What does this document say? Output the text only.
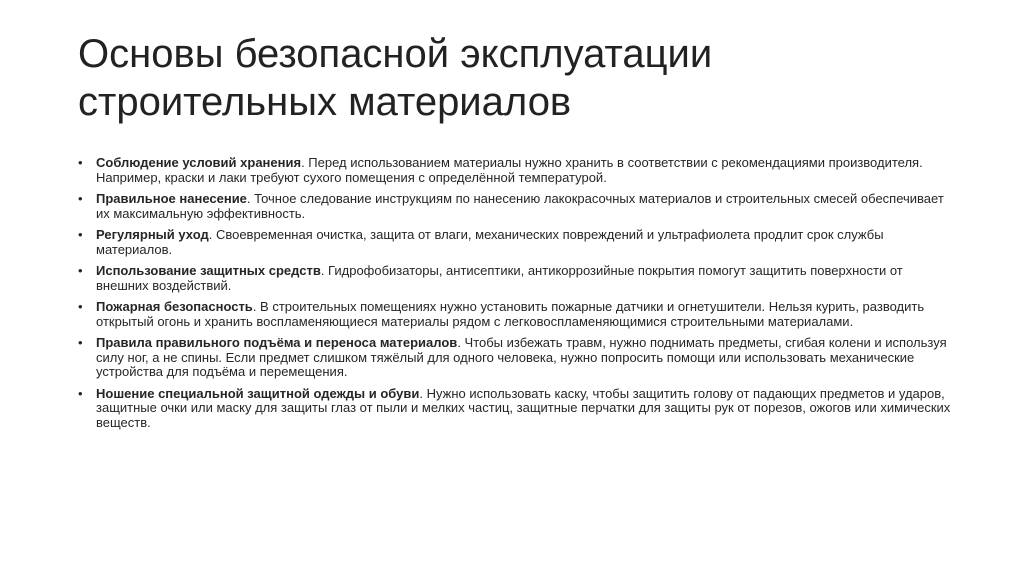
Основы безопасной эксплуатации
строительных материалов
• Соблюдение условий хранения. Перед использованием материалы нужно хранить в соответствии с рекомендациями производителя. Например, краски и лаки требуют сухого помещения с определённой температурой.
• Правильное нанесение. Точное следование инструкциям по нанесению лакокрасочных материалов и строительных смесей обеспечивает их максимальную эффективность.
• Регулярный уход. Своевременная очистка, защита от влаги, механических повреждений и ультрафиолета продлит срок службы материалов.
• Использование защитных средств. Гидрофобизаторы, антисептики, антикоррозийные покрытия помогут защитить поверхности от внешних воздействий.
• Пожарная безопасность. В строительных помещениях нужно установить пожарные датчики и огнетушители. Нельзя курить, разводить открытый огонь и хранить воспламеняющиеся материалы рядом с легковоспламеняющимися строительными материалами.
• Правила правильного подъёма и переноса материалов. Чтобы избежать травм, нужно поднимать предметы, сгибая колени и используя силу ног, а не спины. Если предмет слишком тяжёлый для одного человека, нужно попросить помощи или использовать механические устройства для подъёма и перемещения.
• Ношение специальной защитной одежды и обуви. Нужно использовать каску, чтобы защитить голову от падающих предметов и ударов, защитные очки или маску для защиты глаз от пыли и мелких частиц, защитные перчатки для защиты рук от порезов, ожогов или химических веществ.
